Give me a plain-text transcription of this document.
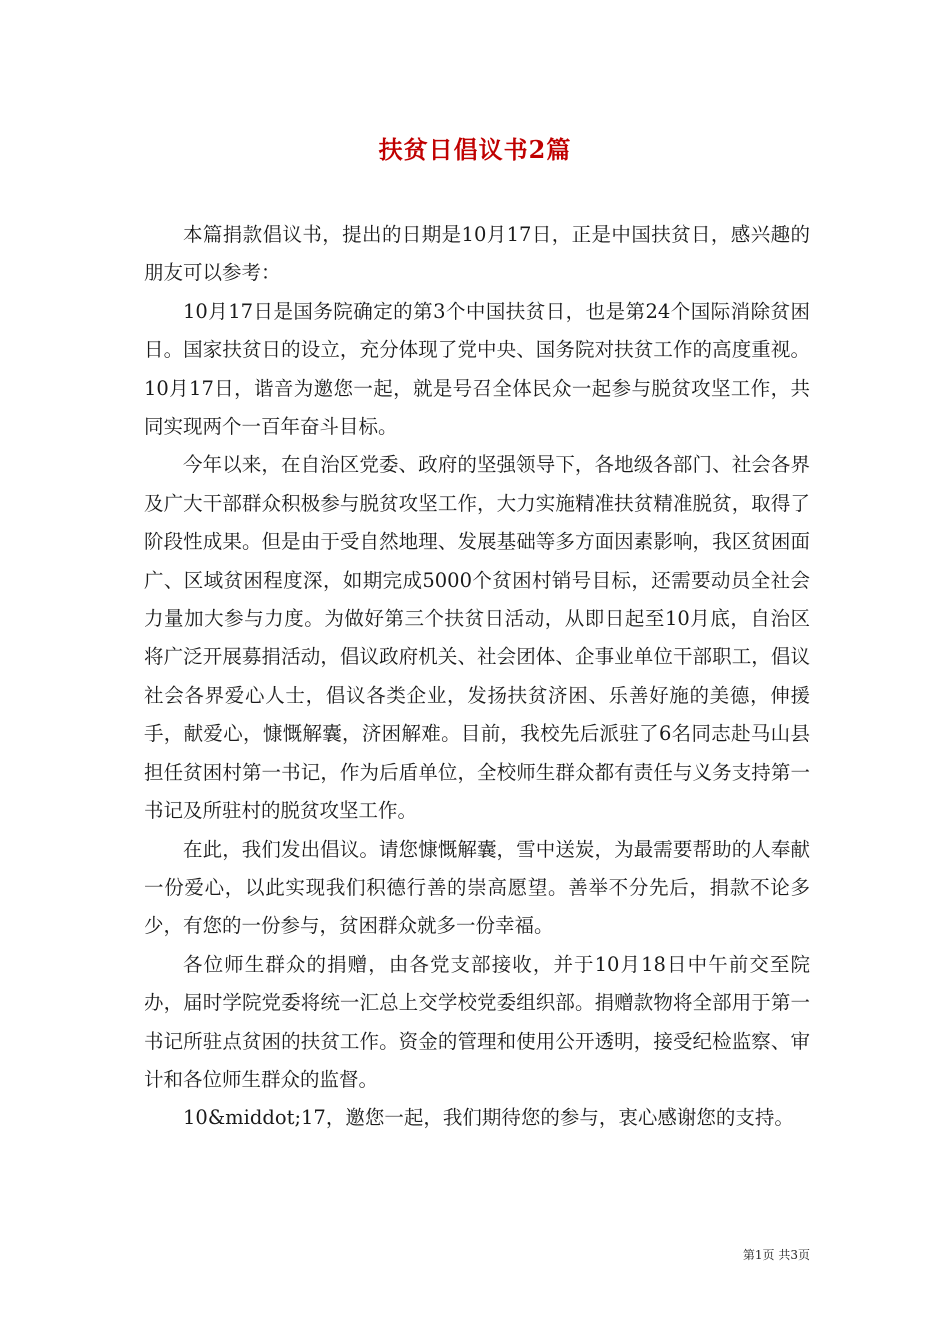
扶贫日倡议书2篇

本篇捐款倡议书，提出的日期是10月17日，正是中国扶贫日，感兴趣的朋友可以参考：

10月17日是国务院确定的第3个中国扶贫日，也是第24个国际消除贫困日。国家扶贫日的设立，充分体现了党中央、国务院对扶贫工作的高度重视。10月17日，谐音为邀您一起，就是号召全体民众一起参与脱贫攻坚工作，共同实现两个一百年奋斗目标。

今年以来，在自治区党委、政府的坚强领导下，各地级各部门、社会各界及广大干部群众积极参与脱贫攻坚工作，大力实施精准扶贫精准脱贫，取得了阶段性成果。但是由于受自然地理、发展基础等多方面因素影响，我区贫困面广、区域贫困程度深，如期完成5000个贫困村销号目标，还需要动员全社会力量加大参与力度。为做好第三个扶贫日活动，从即日起至10月底，自治区将广泛开展募捐活动，倡议政府机关、社会团体、企事业单位干部职工，倡议社会各界爱心人士，倡议各类企业，发扬扶贫济困、乐善好施的美德，伸援手，献爱心，慷慨解囊，济困解难。目前，我校先后派驻了6名同志赴马山县担任贫困村第一书记，作为后盾单位，全校师生群众都有责任与义务支持第一书记及所驻村的脱贫攻坚工作。

在此，我们发出倡议。请您慷慨解囊，雪中送炭，为最需要帮助的人奉献一份爱心，以此实现我们积德行善的崇高愿望。善举不分先后，捐款不论多少，有您的一份参与，贫困群众就多一份幸福。

各位师生群众的捐赠，由各党支部接收，并于10月18日中午前交至院办，届时学院党委将统一汇总上交学校党委组织部。捐赠款物将全部用于第一书记所驻点贫困的扶贫工作。资金的管理和使用公开透明，接受纪检监察、审计和各位师生群众的监督。

10&middot;17，邀您一起，我们期待您的参与，衷心感谢您的支持。

第1页 共3页
